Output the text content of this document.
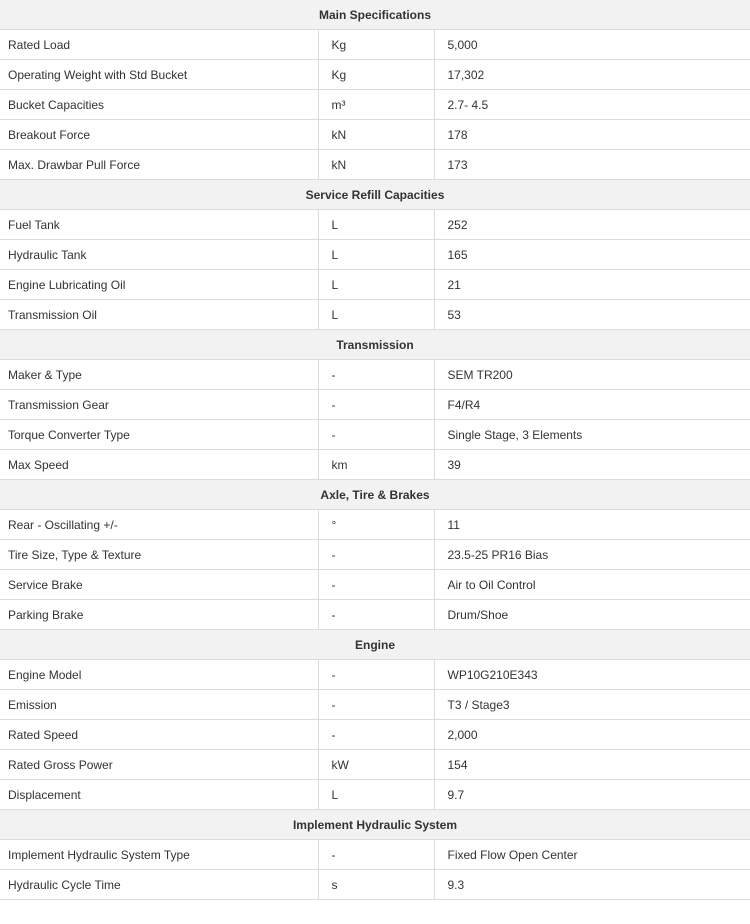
Main Specifications		
Rated Load	Kg	5,000
Operating Weight with Std Bucket	Kg	17,302
Bucket Capacities	m³	2.7- 4.5
Breakout Force	kN	178
Max. Drawbar Pull Force	kN	173
Service Refill Capacities		
Fuel Tank	L	252
Hydraulic Tank	L	165
Engine Lubricating Oil	L	21
Transmission Oil	L	53
Transmission		
Maker & Type	-	SEM TR200
Transmission Gear	-	F4/R4
Torque Converter Type	-	Single Stage, 3 Elements
Max Speed	km	39
Axle, Tire & Brakes		
Rear - Oscillating +/-	°	11
Tire Size, Type & Texture	-	23.5-25 PR16 Bias
Service Brake	-	Air to Oil Control
Parking Brake	-	Drum/Shoe
Engine		
Engine Model	-	WP10G210E343
Emission	-	T3 / Stage3
Rated Speed	-	2,000
Rated Gross Power	kW	154
Displacement	L	9.7
Implement Hydraulic System		
Implement Hydraulic System Type	-	Fixed Flow Open Center
Hydraulic Cycle Time	s	9.3
